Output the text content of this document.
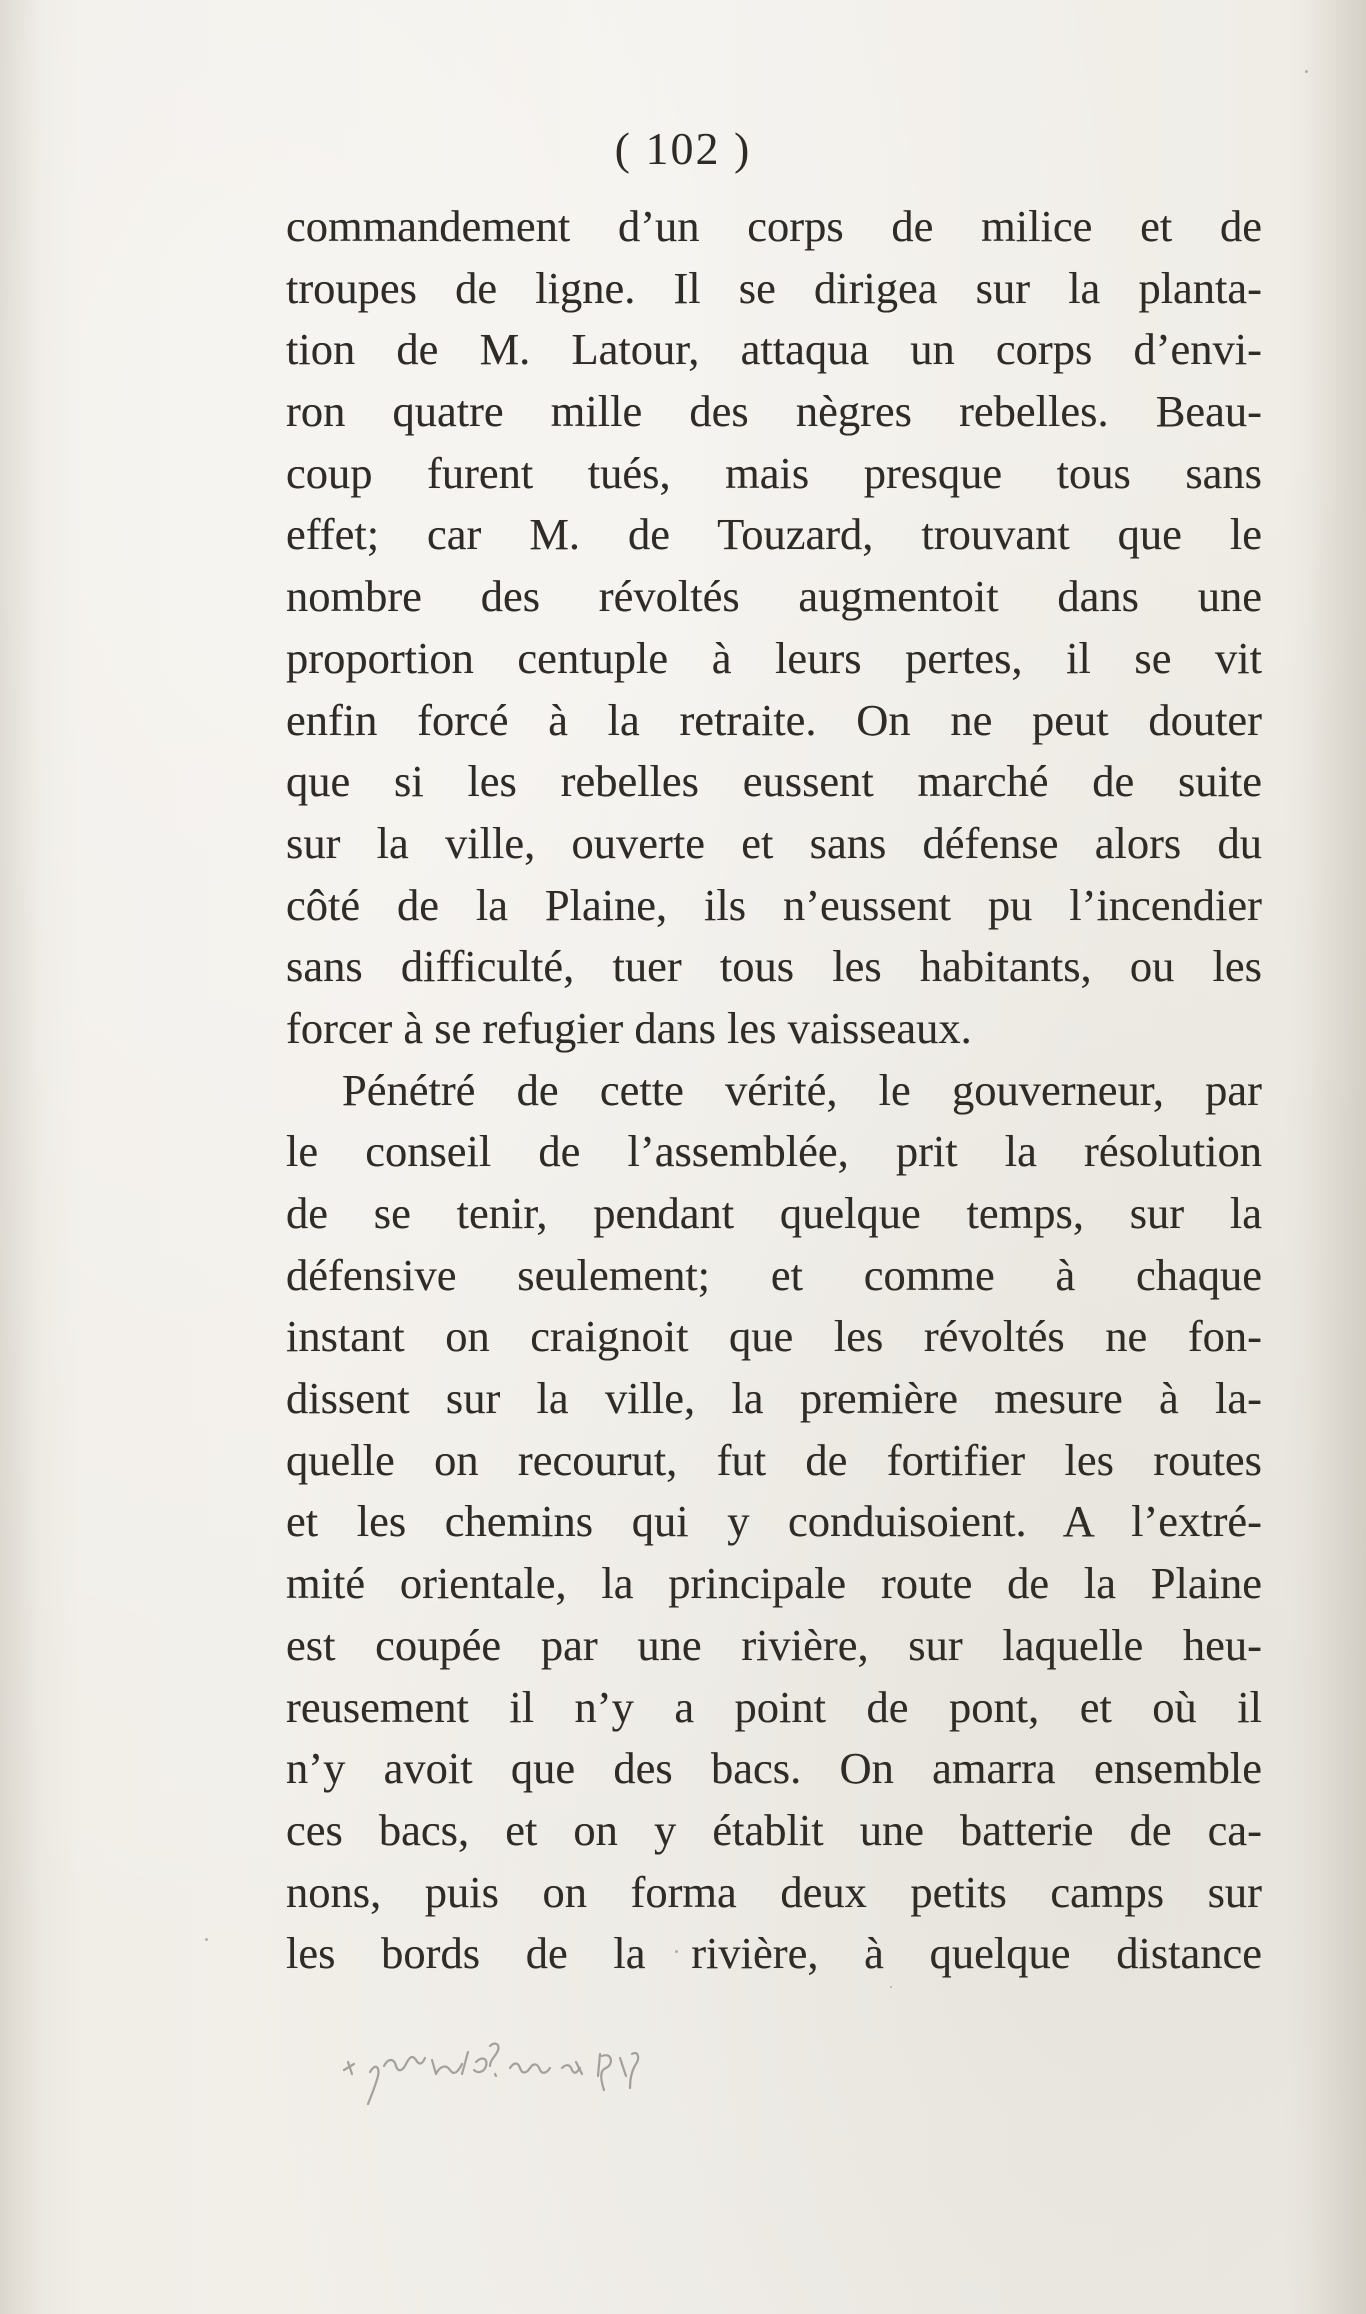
( 102 )
commandement d’un corps de milice et de
troupes de ligne. Il se dirigea sur la planta-
tion de M. Latour, attaqua un corps d’envi-
ron quatre mille des nègres rebelles. Beau-
coup furent tués, mais presque tous sans
effet; car M. de Touzard, trouvant que le
nombre des révoltés augmentoit dans une
proportion centuple à leurs pertes, il se vit
enfin forcé à la retraite. On ne peut douter
que si les rebelles eussent marché de suite
sur la ville, ouverte et sans défense alors du
côté de la Plaine, ils n’eussent pu l’incendier
sans difficulté, tuer tous les habitants, ou les
forcer à se refugier dans les vaisseaux.
Pénétré de cette vérité, le gouverneur, par
le conseil de l’assemblée, prit la résolution
de se tenir, pendant quelque temps, sur la
défensive seulement; et comme à chaque
instant on craignoit que les révoltés ne fon-
dissent sur la ville, la première mesure à la-
quelle on recourut, fut de fortifier les routes
et les chemins qui y conduisoient. A l’extré-
mité orientale, la principale route de la Plaine
est coupée par une rivière, sur laquelle heu-
reusement il n’y a point de pont, et où il
n’y avoit que des bacs. On amarra ensemble
ces bacs, et on y établit une batterie de ca-
nons, puis on forma deux petits camps sur
les bords de la rivière, à quelque distance
